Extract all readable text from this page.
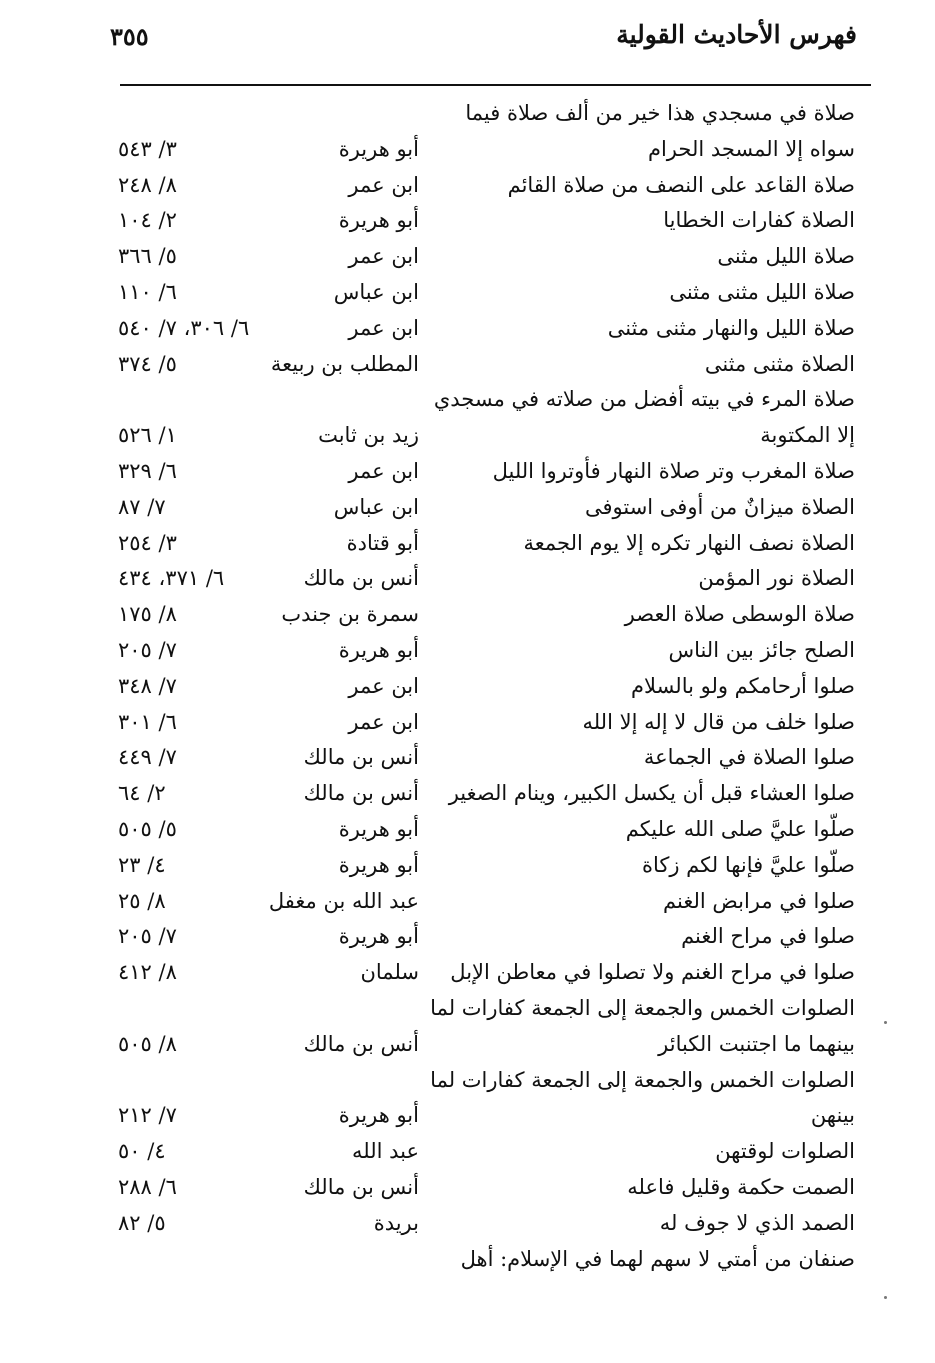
٣٥٥	فهرس الأحاديث القولية
صلاة في مسجدي هذا خير من ألف صلاة فيما
سواه إلا المسجد الحرام
أبو هريرة
٣/ ٥٤٣
صلاة القاعد على النصف من صلاة القائم
ابن عمر
٨/ ٢٤٨
الصلاة كفارات الخطايا
أبو هريرة
٢/ ١٠٤
صلاة الليل مثنى
ابن عمر
٥/ ٣٦٦
صلاة الليل مثنى مثنى
ابن عباس
٦/ ١١٠
صلاة الليل والنهار مثنى مثنى
ابن عمر
٦/ ٣٠٦، ٧/ ٥٤٠
الصلاة مثنى مثنى
المطلب بن ربيعة
٥/ ٣٧٤
صلاة المرء في بيته أفضل من صلاته في مسجدي
إلا المكتوبة
زيد بن ثابت
١/ ٥٢٦
صلاة المغرب وتر صلاة النهار فأوتروا الليل
ابن عمر
٦/ ٣٢٩
الصلاة ميزانٌ من أوفى استوفى
ابن عباس
٧/ ٨٧
الصلاة نصف النهار تكره إلا يوم الجمعة
أبو قتادة
٣/ ٢٥٤
الصلاة نور المؤمن
أنس بن مالك
٦/ ٣٧١، ٤٣٤
صلاة الوسطى صلاة العصر
سمرة بن جندب
٨/ ١٧٥
الصلح جائز بين الناس
أبو هريرة
٧/ ٢٠٥
صلوا أرحامكم ولو بالسلام
ابن عمر
٧/ ٣٤٨
صلوا خلف من قال لا إله إلا الله
ابن عمر
٦/ ٣٠١
صلوا الصلاة في الجماعة
أنس بن مالك
٧/ ٤٤٩
صلوا العشاء قبل أن يكسل الكبير، وينام الصغير
أنس بن مالك
٢/ ٦٤
صلّوا عليَّ صلى الله عليكم
أبو هريرة
٥/ ٥٠٥
صلّوا عليَّ فإنها لكم زكاة
أبو هريرة
٤/ ٢٣
صلوا في مرابض الغنم
عبد الله بن مغفل
٨/ ٢٥
صلوا في مراح الغنم
أبو هريرة
٧/ ٢٠٥
صلوا في مراح الغنم ولا تصلوا في معاطن الإبل
سلمان
٨/ ٤١٢
الصلوات الخمس والجمعة إلى الجمعة كفارات لما
بينهما ما اجتنبت الكبائر
أنس بن مالك
٨/ ٥٠٥
الصلوات الخمس والجمعة إلى الجمعة كفارات لما
بينهن
أبو هريرة
٧/ ٢١٢
الصلوات لوقتهن
عبد الله
٤/ ٥٠
الصمت حكمة وقليل فاعله
أنس بن مالك
٦/ ٢٨٨
الصمد الذي لا جوف له
بريدة
٥/ ٨٢
صنفان من أمتي لا سهم لهما في الإسلام: أهل
